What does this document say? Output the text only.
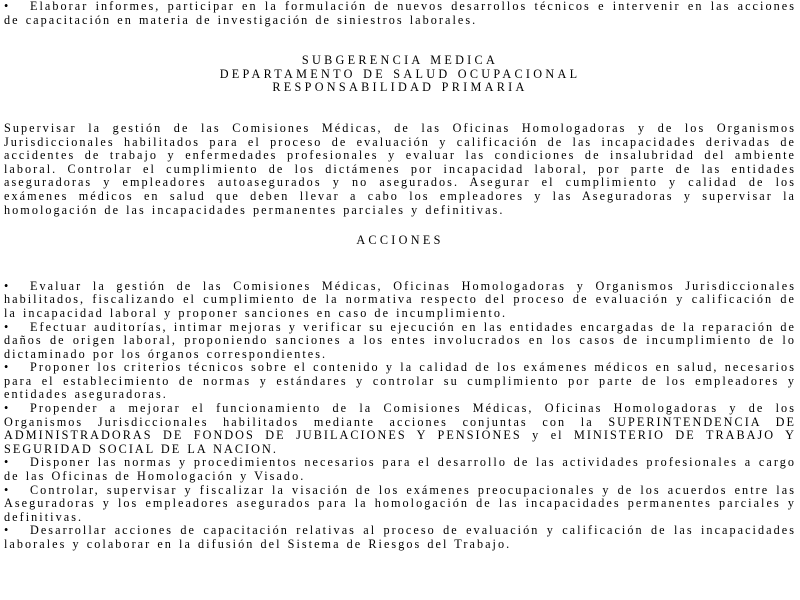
• Elaborar informes, participar en la formulación de nuevos desarrollos técnicos e intervenir en las acciones de capacitación en materia de investigación de siniestros laborales.

SUBGERENCIA MEDICA

DEPARTAMENTO DE SALUD OCUPACIONAL

RESPONSABILIDAD PRIMARIA

Supervisar la gestión de las Comisiones Médicas, de las Oficinas Homologadoras y de los Organismos Jurisdiccionales habilitados para el proceso de evaluación y calificación de las incapacidades derivadas de accidentes de trabajo y enfermedades profesionales y evaluar las condiciones de insalubridad del ambiente laboral. Controlar el cumplimiento de los dictámenes por incapacidad laboral, por parte de las entidades aseguradoras y empleadores autoasegurados y no asegurados. Asegurar el cumplimiento y calidad de los exámenes médicos en salud que deben llevar a cabo los empleadores y las Aseguradoras y supervisar la homologación de las incapacidades permanentes parciales y definitivas.

ACCIONES

• Evaluar la gestión de las Comisiones Médicas, Oficinas Homologadoras y Organismos Jurisdiccionales habilitados, fiscalizando el cumplimiento de la normativa respecto del proceso de evaluación y calificación de la incapacidad laboral y proponer sanciones en caso de incumplimiento.

• Efectuar auditorías, intimar mejoras y verificar su ejecución en las entidades encargadas de la reparación de daños de origen laboral, proponiendo sanciones a los entes involucrados en los casos de incumplimiento de lo dictaminado por los órganos correspondientes.

• Proponer los criterios técnicos sobre el contenido y la calidad de los exámenes médicos en salud, necesarios para el establecimiento de normas y estándares y controlar su cumplimiento por parte de los empleadores y entidades aseguradoras.

• Propender a mejorar el funcionamiento de la Comisiones Médicas, Oficinas Homologadoras y de los Organismos Jurisdiccionales habilitados mediante acciones conjuntas con la SUPERINTENDENCIA DE ADMINISTRADORAS DE FONDOS DE JUBILACIONES Y PENSIONES y el MINISTERIO DE TRABAJO Y SEGURIDAD SOCIAL DE LA NACION.

• Disponer las normas y procedimientos necesarios para el desarrollo de las actividades profesionales a cargo de las Oficinas de Homologación y Visado.

• Controlar, supervisar y fiscalizar la visación de los exámenes preocupacionales y de los acuerdos entre las Aseguradoras y los empleadores asegurados para la homologación de las incapacidades permanentes parciales y definitivas.

• Desarrollar acciones de capacitación relativas al proceso de evaluación y calificación de las incapacidades laborales y colaborar en la difusión del Sistema de Riesgos del Trabajo.
